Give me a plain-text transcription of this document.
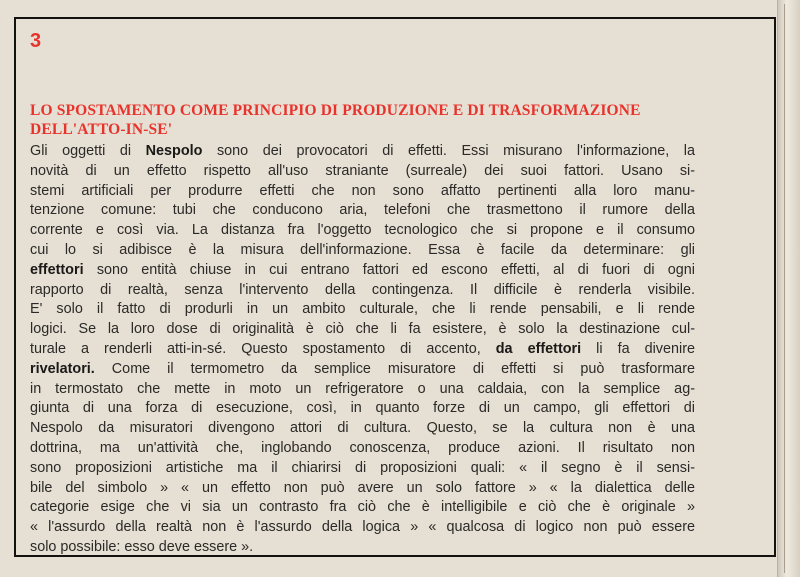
3

LO SPOSTAMENTO COME PRINCIPIO DI PRODUZIONE E DI TRASFORMAZIONE
DELL'ATTO-IN-SE'
Gli oggetti di Nespolo sono dei provocatori di effetti. Essi misurano l'informazione, la
novità di un effetto rispetto all'uso straniante (surreale) dei suoi fattori. Usano si-
stemi artificiali per produrre effetti che non sono affatto pertinenti alla loro manu-
tenzione comune: tubi che conducono aria, telefoni che trasmettono il rumore della
corrente e così via. La distanza fra l'oggetto tecnologico che si propone e il consumo
cui lo si adibisce è la misura dell'informazione. Essa è facile da determinare: gli
effettori sono entità chiuse in cui entrano fattori ed escono effetti, al di fuori di ogni
rapporto di realtà, senza l'intervento della contingenza. Il difficile è renderla visibile.
E' solo il fatto di produrli in un ambito culturale, che li rende pensabili, e li rende
logici. Se la loro dose di originalità è ciò che li fa esistere, è solo la destinazione cul-
turale a renderli atti-in-sé. Questo spostamento di accento, da effettori li fa divenire
rivelatori. Come il termometro da semplice misuratore di effetti si può trasformare
in termostato che mette in moto un refrigeratore o una caldaia, con la semplice ag-
giunta di una forza di esecuzione, così, in quanto forze di un campo, gli effettori di
Nespolo da misuratori divengono attori di cultura. Questo, se la cultura non è una
dottrina, ma un'attività che, inglobando conoscenza, produce azioni. Il risultato non
sono proposizioni artistiche ma il chiarirsi di proposizioni quali: « il segno è il sensi-
bile del simbolo » « un effetto non può avere un solo fattore » « la dialettica delle
categorie esige che vi sia un contrasto fra ciò che è intelligibile e ciò che è originale »
« l'assurdo della realtà non è l'assurdo della logica » « qualcosa di logico non può essere
solo possibile: esso deve essere ».
